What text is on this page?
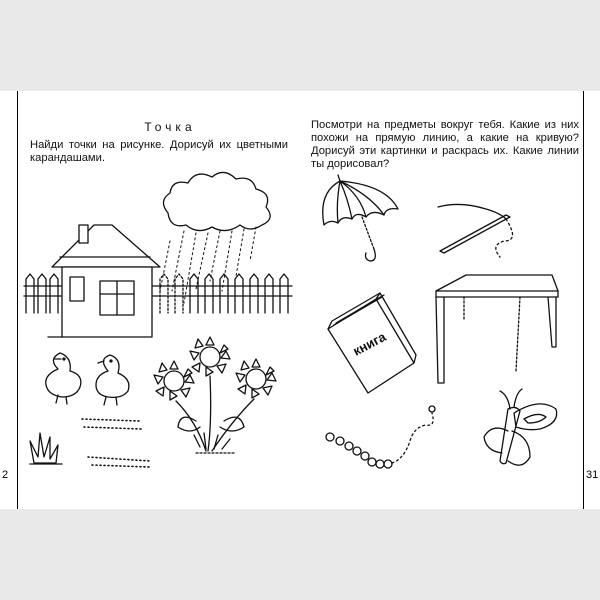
2	31
Точка
Найди точки на рисунке. Дорисуй их цветными карандашами.
Посмотри на предметы вокруг тебя. Какие из них похожи на прямую линию, а какие на кривую? Дорисуй эти картинки и раскрась их. Какие линии ты дорисовал?
книга
